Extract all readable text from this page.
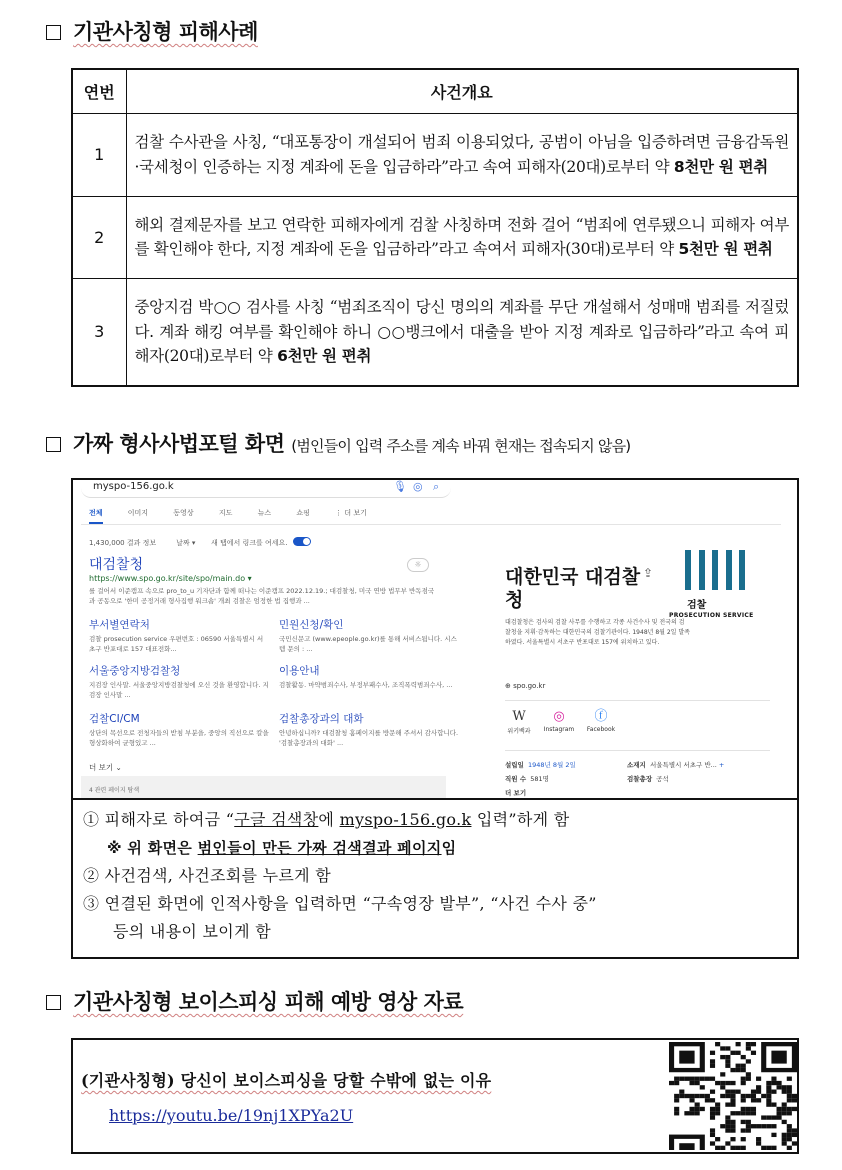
기관사칭형 피해사례
연번	사건개요
1	검찰 수사관을 사칭, “대포통장이 개설되어 범죄 이용되었다, 공범이 아님을 입증하려면 금융감독원·국세청이 인증하는 지정 계좌에 돈을 입금하라”라고 속여 피해자(20대)로부터 약 8천만 원 편취
2	해외 결제문자를 보고 연락한 피해자에게 검찰 사칭하며 전화 걸어 “범죄에 연루됐으니 피해자 여부를 확인해야 한다, 지정 계좌에 돈을 입금하라”라고 속여서 피해자(30대)로부터 약 5천만 원 편취
3	중앙지검 박○○ 검사를 사칭 “범죄조직이 당신 명의의 계좌를 무단 개설해서 성매매 범죄를 저질렀다. 계좌 해킹 여부를 확인해야 하니 ○○뱅크에서 대출을 받아 지정 계좌로 입금하라”라고 속여 피해자(20대)로부터 약 6천만 원 편취
가짜 형사사법포털 화면 (범인들이 입력 주소를 계속 바꿔 현재는 접속되지 않음)
myspo-156.go.k	🎙 ◎ ⌕
전체	이미지	동영상	지도	뉴스	쇼핑	⋮ 더 보기
1,430,000 결과 정보	날짜 ▾ 새 탭에서 링크를 여세요.
대검찰청	☼
https://www.spo.go.kr/site/spo/main.do ▾
를 걸어서 이준캠프 속으로 pro_to_u 기자단과 함께 떠나는 이준캠프 2022.12.19.; 대검찰청, 미국 연방 법무부 반독점국과 공동으로 '한미 공정거래 형사집행 워크숍' 개최 검찰은 엄정한 법 집행과 ...
부서별연락처
검찰 prosecution service 우편번호 : 06590 서울특별시 서초구 반포대로 157 대표전화...
민원신청/확인
국민신문고 (www.epeople.go.kr)를 통해 서비스됩니다. 시스템 문의 : ...
서울중앙지방검찰청
지검장 인사말. 서울중앙지방검찰청에 오신 것을 환영합니다. 지검장 인사말 ...
이용안내
검찰활동. 마약범죄수사, 부정부패수사, 조직폭력범죄수사, ...
검찰CI/CM
상단의 목선으로 전청자들의 받침 부분을, 중앙의 직선으로 칼을 형상화하여 균형있고 ...
검찰총장과의 대화
안녕하십니까? 대검찰청 홈페이지를 방문해 주셔서 감사합니다. '검찰총장과의 대화' ...
더 보기 ⌄
4 관련 페이지 탐색
대한민국 대검찰청
⇪
대검찰청은 검사의 검찰 사무를 수행하고 각종 사건수사 및 전국의 검찰청을 지휘·감독하는 대한민국의 검찰기관이다. 1948년 8월 2일 발족하였다. 서울특별시 서초구 반포대로 157에 위치하고 있다.
⊕ spo.go.kr
W
위키백과
◎
Instagram
ⓕ
Facebook
설립일 1948년 8월 2일	소재지 서울특별시 서초구 반... +
직원 수 581명	검찰총장 공석
더 보기
검찰
PROSECUTION SERVICE
① 피해자로 하여금 “구글 검색창에 myspo-156.go.k 입력”하게 함
※ 위 화면은 범인들이 만든 가짜 검색결과 페이지임
② 사건검색, 사건조회를 누르게 함
③ 연결된 화면에 인적사항을 입력하면 “구속영장 발부”, “사건 수사 중”
등의 내용이 보이게 함
기관사칭형 보이스피싱 피해 예방 영상 자료
(기관사칭형) 당신이 보이스피싱을 당할 수밖에 없는 이유
https://youtu.be/19nj1XPYa2U
